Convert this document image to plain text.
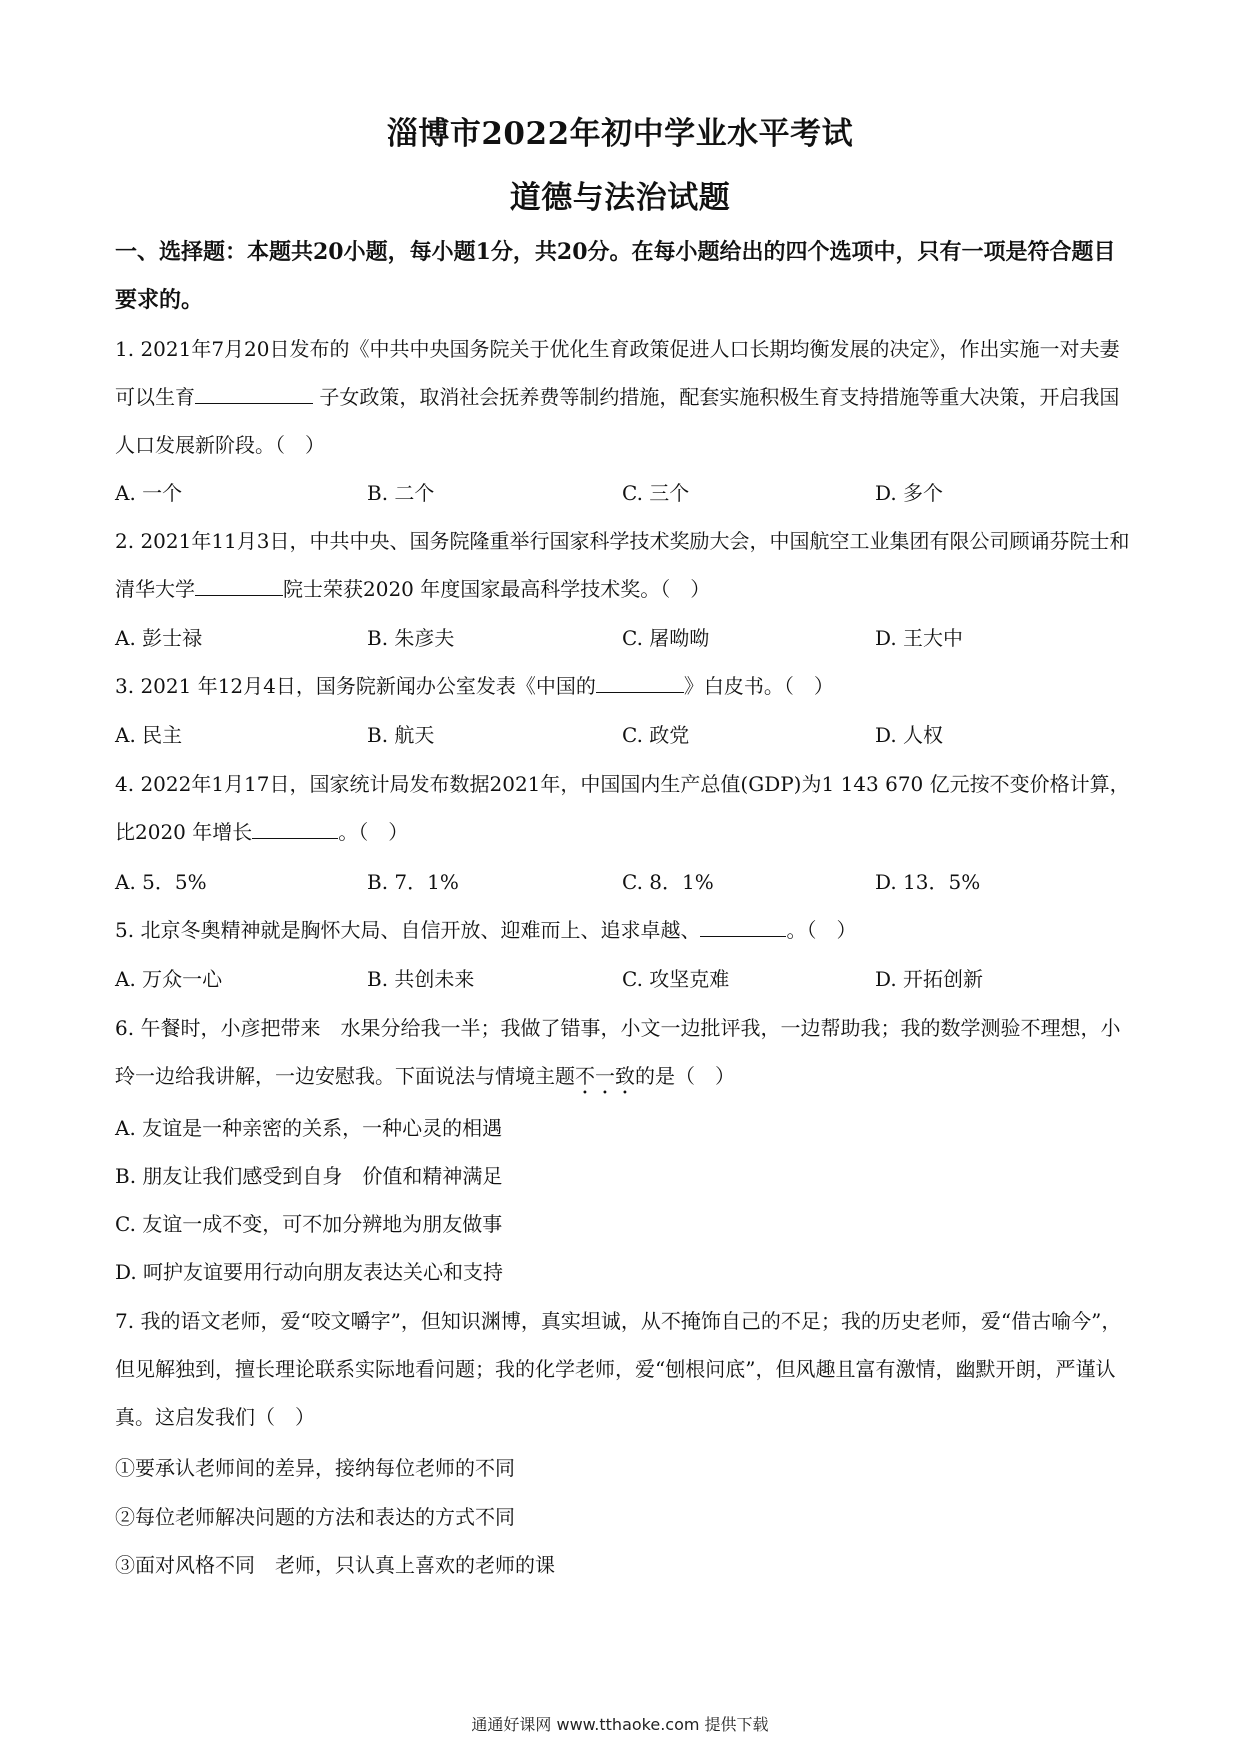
淄博市2022年初中学业水平考试
道德与法治试题
一、选择题：本题共20小题，每小题1分，共20分。在每小题给出的四个选项中，只有一项是符合题目要求的。
1. 2021年7月20日发布的《中共中央国务院关于优化生育政策促进人口长期均衡发展的决定》，作出实施一对夫妻可以生育	子女政策，取消社会抚养费等制约措施，配套实施积极生育支持措施等重大决策，开启我国人口发展新阶段。（　）
A. 一个	B. 二个	C. 三个	D. 多个
2. 2021年11月3日，中共中央、国务院隆重举行国家科学技术奖励大会，中国航空工业集团有限公司顾诵芬院士和清华大学	院士荣获2020 年度国家最高科学技术奖。（　）
A. 彭士禄	B. 朱彦夫	C. 屠呦呦	D. 王大中
3. 2021 年12月4日，国务院新闻办公室发表《中国的	》白皮书。（　）
A. 民主	B. 航天	C. 政党	D. 人权
4. 2022年1月17日，国家统计局发布数据2021年，中国国内生产总值(GDP)为1 143 670 亿元按不变价格计算，比2020 年增长	。（　）
A. 5．5%	B. 7．1%	C. 8．1%	D. 13．5%
5. 北京冬奥精神就是胸怀大局、自信开放、迎难而上、追求卓越、	。（　）
A. 万众一心	B. 共创未来	C. 攻坚克难	D. 开拓创新
6. 午餐时，小彦把带来　水果分给我一半；我做了错事，小文一边批评我，一边帮助我；我的数学测验不理想，小玲一边给我讲解，一边安慰我。下面说法与情境主题不一致的是（　）
A. 友谊是一种亲密的关系，一种心灵的相遇
B. 朋友让我们感受到自身　价值和精神满足
C. 友谊一成不变，可不加分辨地为朋友做事
D. 呵护友谊要用行动向朋友表达关心和支持
7. 我的语文老师，爱“咬文嚼字”，但知识渊博，真实坦诚，从不掩饰自己的不足；我的历史老师，爱“借古喻今”，但见解独到，擅长理论联系实际地看问题；我的化学老师，爱“刨根问底”，但风趣且富有激情，幽默开朗，严谨认真。这启发我们（　）
①要承认老师间的差异，接纳每位老师的不同
②每位老师解决问题的方法和表达的方式不同
③面对风格不同　老师，只认真上喜欢的老师的课
通通好课网 www.tthaoke.com 提供下载
